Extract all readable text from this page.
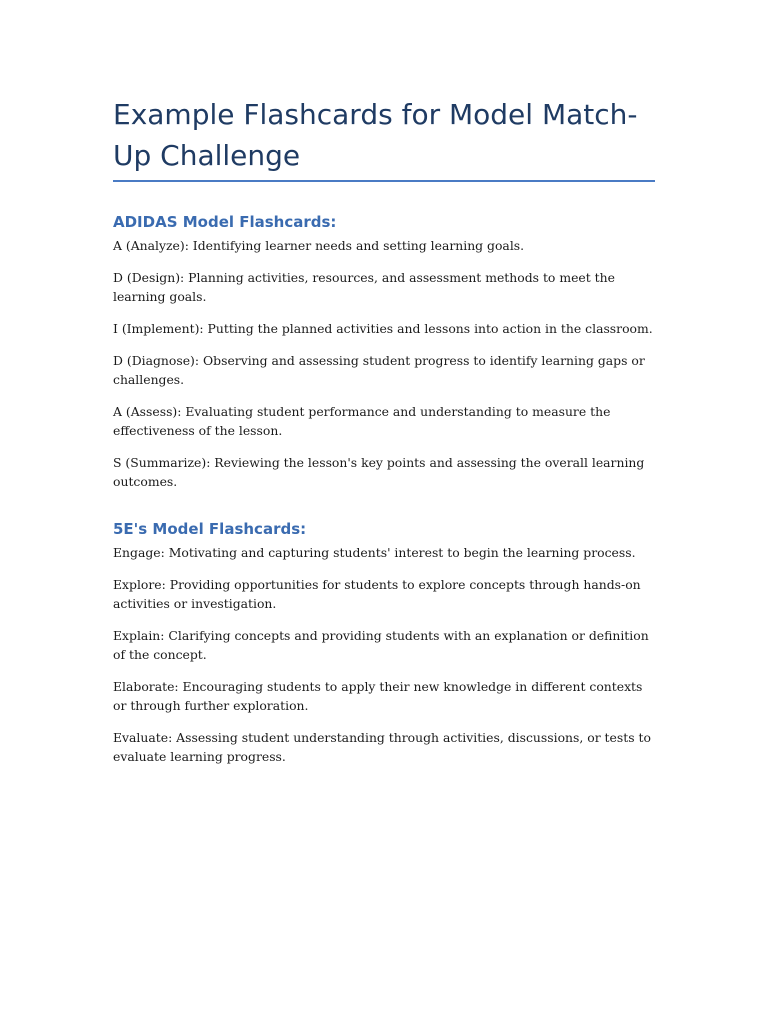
Example Flashcards for Model Match-Up Challenge
ADIDAS Model Flashcards:

A (Analyze): Identifying learner needs and setting learning goals.

D (Design): Planning activities, resources, and assessment methods to meet the learning goals.

I (Implement): Putting the planned activities and lessons into action in the classroom.

D (Diagnose): Observing and assessing student progress to identify learning gaps or challenges.

A (Assess): Evaluating student performance and understanding to measure the effectiveness of the lesson.

S (Summarize): Reviewing the lesson's key points and assessing the overall learning outcomes.

5E's Model Flashcards:

Engage: Motivating and capturing students' interest to begin the learning process.

Explore: Providing opportunities for students to explore concepts through hands-on activities or investigation.

Explain: Clarifying concepts and providing students with an explanation or definition of the concept.

Elaborate: Encouraging students to apply their new knowledge in different contexts or through further exploration.

Evaluate: Assessing student understanding through activities, discussions, or tests to evaluate learning progress.
